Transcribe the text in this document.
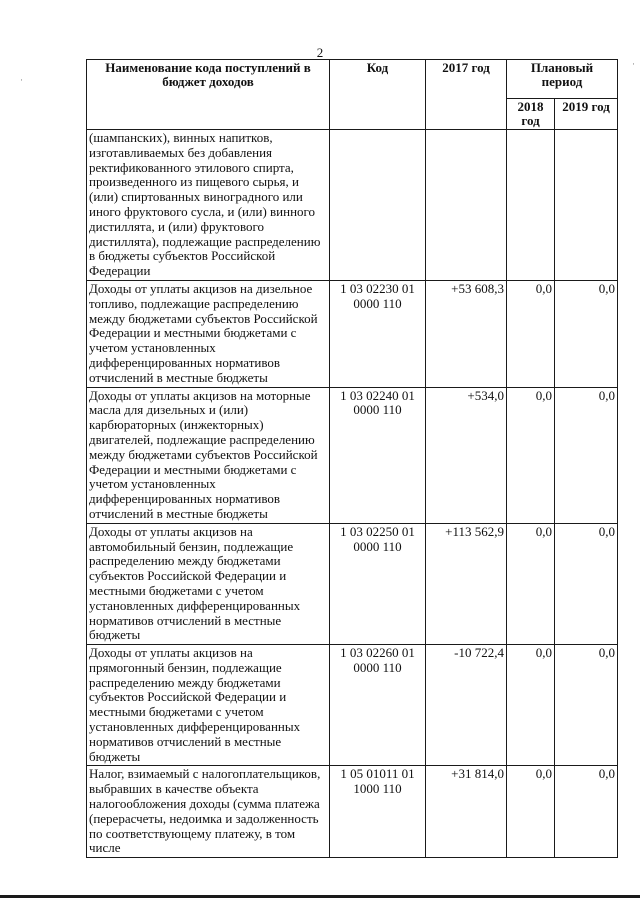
2
Наименование кода поступлений в бюджет доходов	Код	2017 год	Плановый период	
			2018 год	2019 год
(шампанских), винных напитков, изготавливаемых без добавления ректификованного этилового спирта, произведенного из пищевого сырья, и (или) спиртованных виноградного или иного фруктового сусла, и (или) винного дистиллята, и (или) фруктового дистиллята), подлежащие распределению в бюджеты субъектов Российской Федерации				
Доходы от уплаты акцизов на дизельное топливо, подлежащие распределению между бюджетами субъектов Российской Федерации и местными бюджетами с учетом установленных дифференцированных нормативов отчислений в местные бюджеты	1 03 02230 01 0000 110	+53 608,3	0,0	0,0
Доходы от уплаты акцизов на моторные масла для дизельных и (или) карбюраторных (инжекторных) двигателей, подлежащие распределению между бюджетами субъектов Российской Федерации и местными бюджетами с учетом установленных дифференцированных нормативов отчислений в местные бюджеты	1 03 02240 01 0000 110	+534,0	0,0	0,0
Доходы от уплаты акцизов на автомобильный бензин, подлежащие распределению между бюджетами субъектов Российской Федерации и местными бюджетами с учетом установленных дифференцированных нормативов отчислений в местные бюджеты	1 03 02250 01 0000 110	+113 562,9	0,0	0,0
Доходы от уплаты акцизов на прямогонный бензин, подлежащие распределению между бюджетами субъектов Российской Федерации и местными бюджетами с учетом установленных дифференцированных нормативов отчислений в местные бюджеты	1 03 02260 01 0000 110	-10 722,4	0,0	0,0
Налог, взимаемый с налогоплательщиков, выбравших в качестве объекта налогообложения доходы (сумма платежа (перерасчеты, недоимка и задолженность по соответствующему платежу, в том числе	1 05 01011 01 1000 110	+31 814,0	0,0	0,0
·
·
